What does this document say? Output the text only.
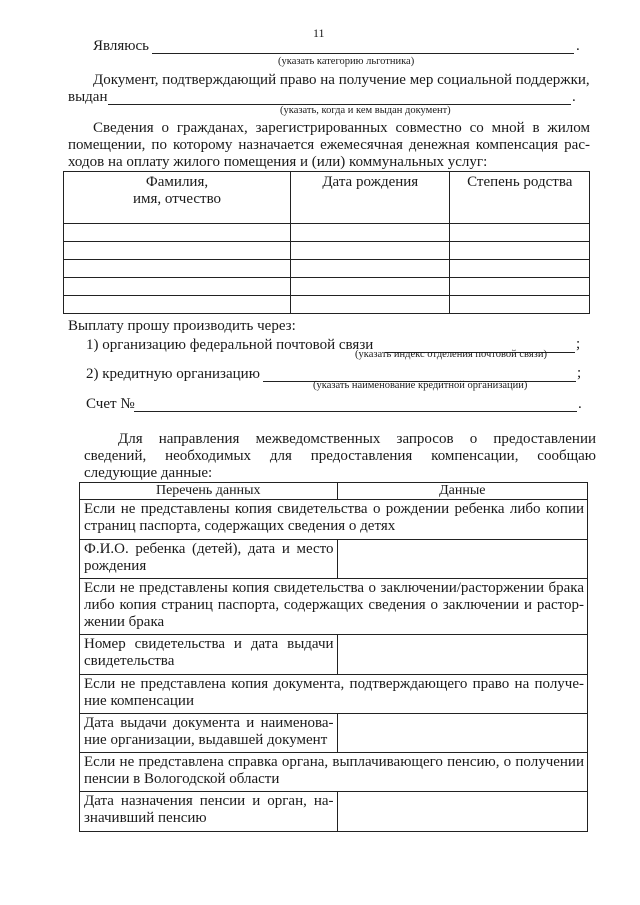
11
Являюсь	.
(указать категорию льготника)
Документ, подтверждающий право на получение мер социальной поддержки,
выдан	.
(указать, когда и кем выдан документ)
Сведения о гражданах, зарегистрированных совместно со мной в жилом
помещении, по которому назначается ежемесячная денежная компенсация рас-
ходов на оплату жилого помещения и (или) коммунальных услуг:
Фамилия,
имя, отчество	Дата рождения	Степень родства

Выплату прошу производить через:
1) организацию федеральной почтовой связи	;
(указать индекс отделения почтовой связи)
2) кредитную организацию	;
(указать наименование кредитной организации)
Счет №	.
Для направления межведомственных запросов о предоставлении
сведений, необходимых для предоставления компенсации, сообщаю
следующие данные:
Перечень данных	Данные
Если не представлены копия свидетельства о рождении ребенка либо копии страниц паспорта, содержащих сведения о детях	
Ф.И.О. ребенка (детей), дата и место рождения	
Если не представлены копия свидетельства о заключении/расторжении брака либо копия страниц паспорта, содержащих сведения о заключении и растор-жении брака	
Номер свидетельства и дата выдачи свидетельства	
Если не представлена копия документа, подтверждающего право на получе-ние компенсации	
Дата выдачи документа и наименова-ние организации, выдавшей документ	
Если не представлена справка органа, выплачивающего пенсию, о получении пенсии в Вологодской области	
Дата назначения пенсии и орган, на-значивший пенсию	
